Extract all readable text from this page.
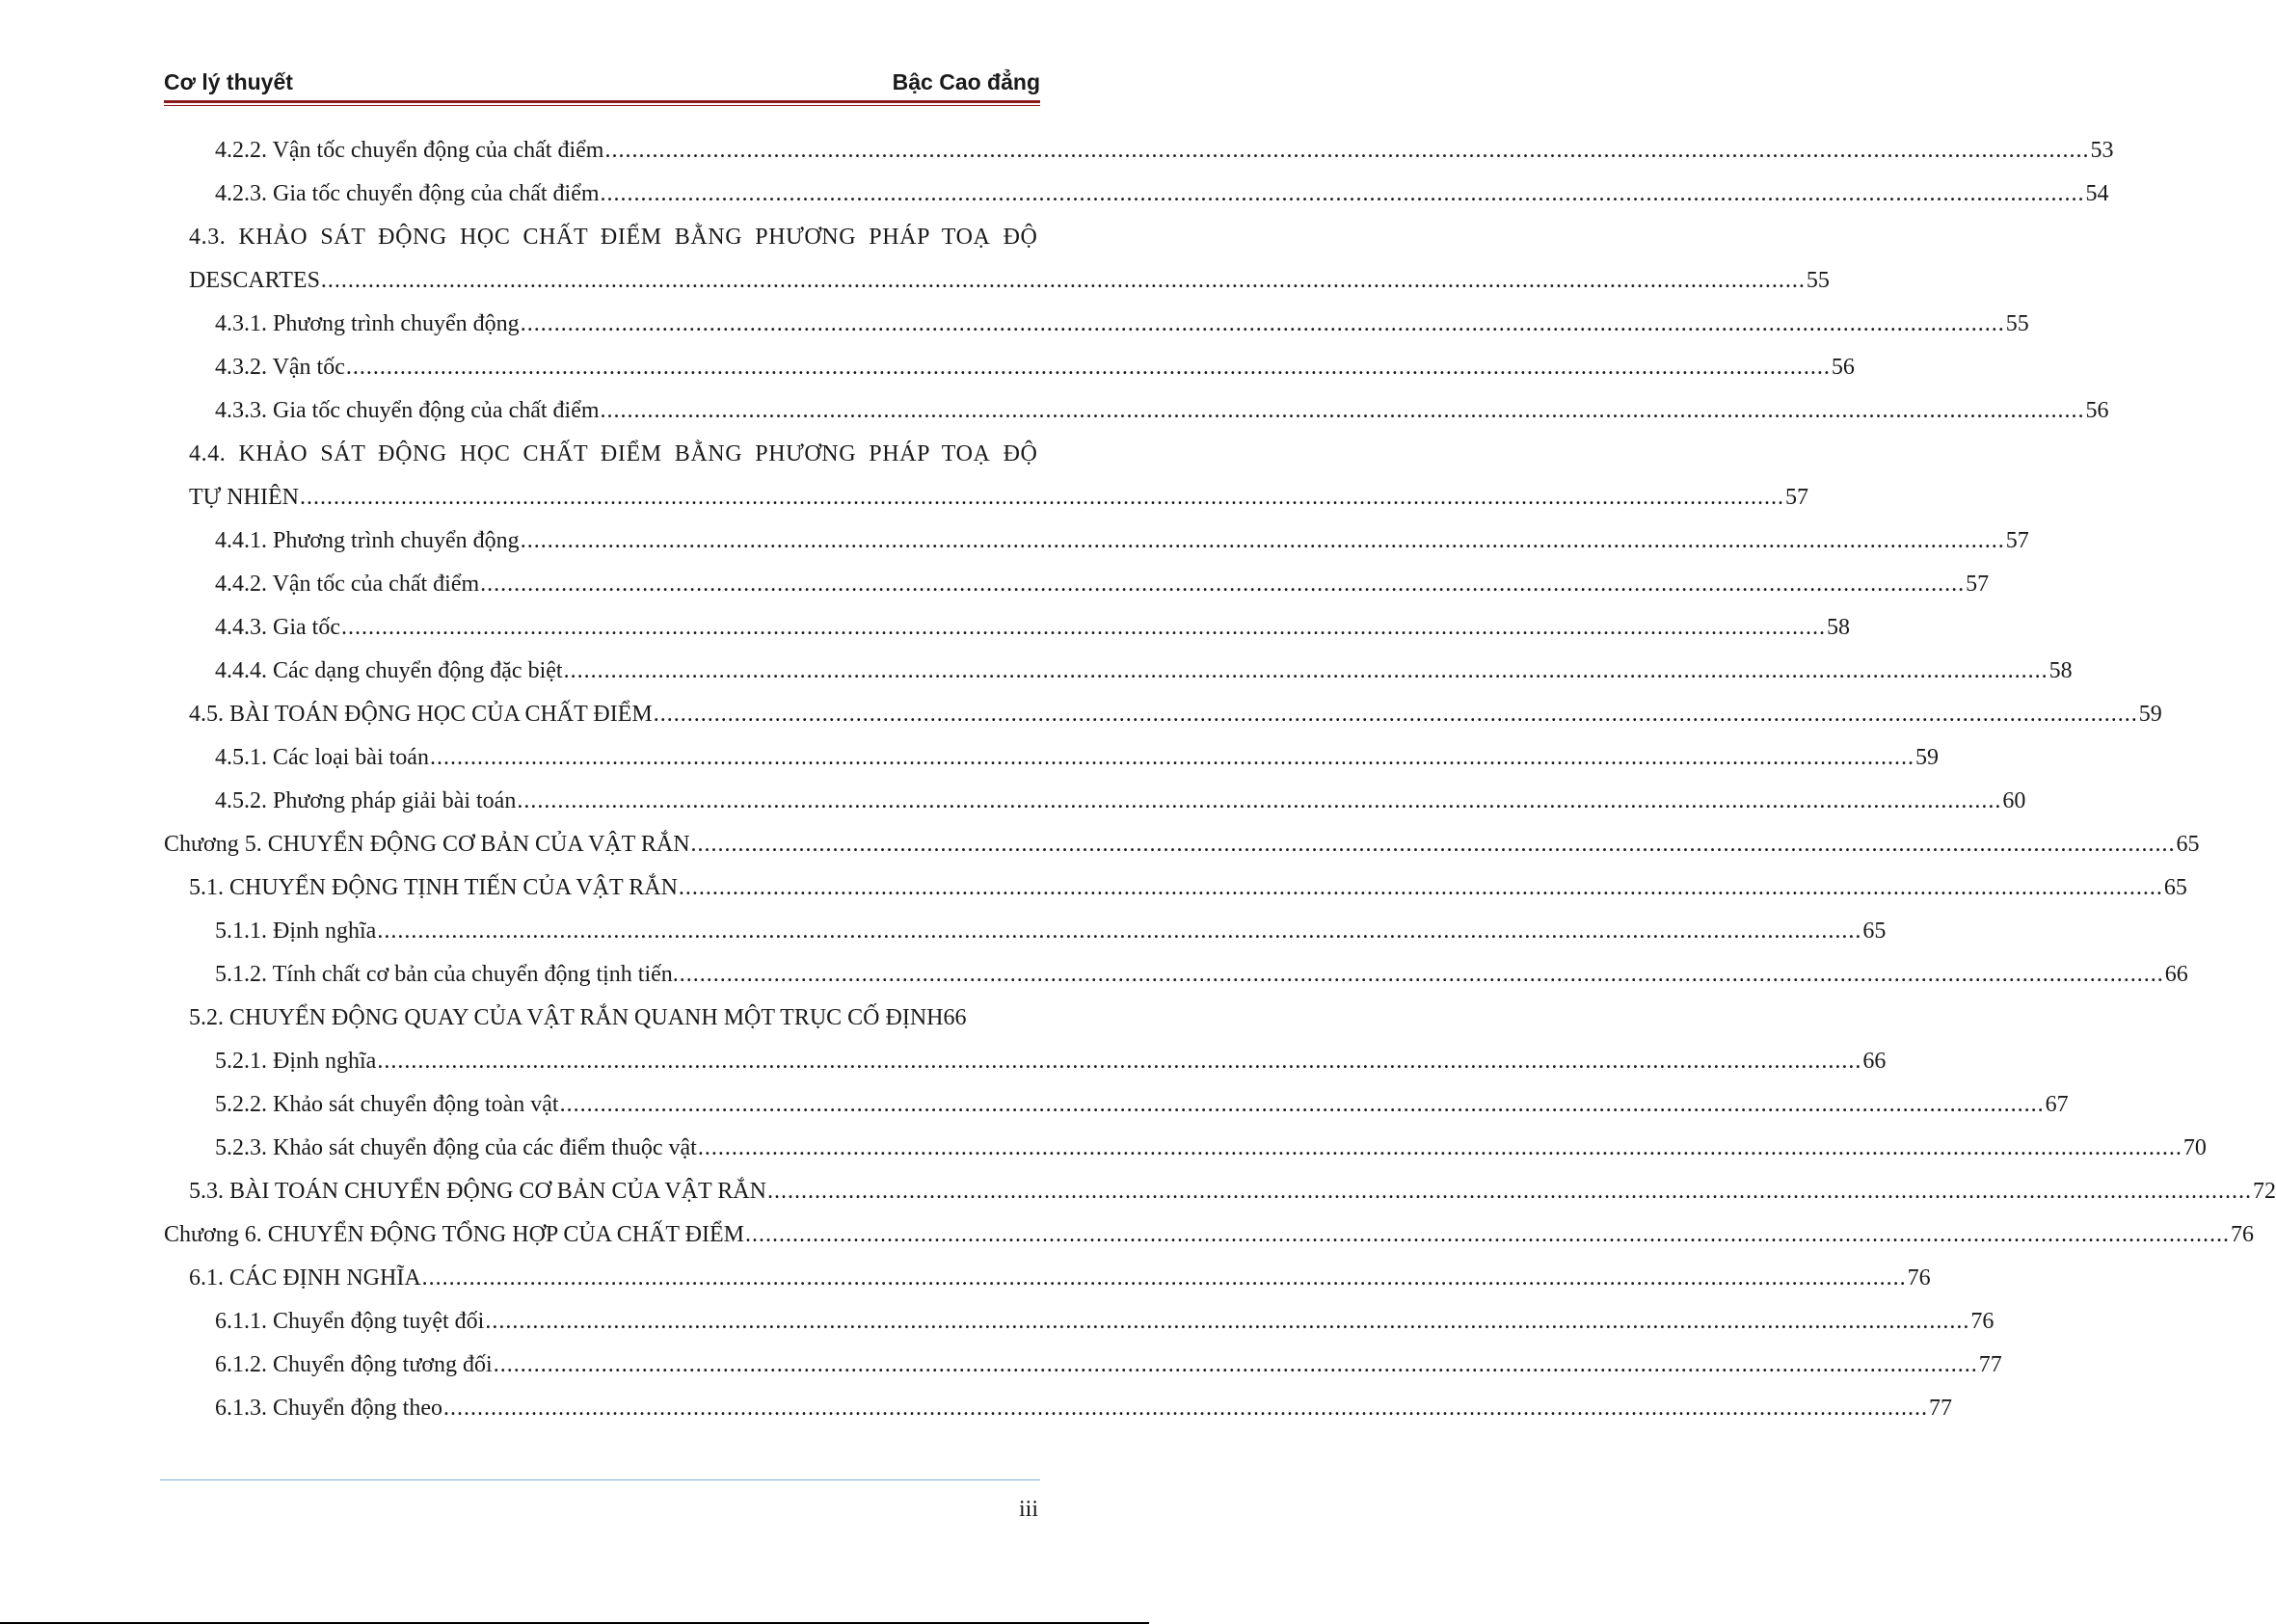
Cơ lý thuyết	Bậc Cao đẳng
4.2.2. Vận tốc chuyển động của chất điểm ............................................................................................................................................................................................................................ 53
4.2.3. Gia tốc chuyển động của chất điểm ............................................................................................................................................................................................................................ 54
4.3. KHẢO SÁT ĐỘNG HỌC CHẤT ĐIỂM BẰNG PHƯƠNG PHÁP TOẠ ĐỘ
DESCARTES ............................................................................................................................................................................................................................ 55
4.3.1. Phương trình chuyển động ............................................................................................................................................................................................................................ 55
4.3.2. Vận tốc ............................................................................................................................................................................................................................ 56
4.3.3. Gia tốc chuyển động của chất điểm ............................................................................................................................................................................................................................ 56
4.4. KHẢO SÁT ĐỘNG HỌC CHẤT ĐIỂM BẰNG PHƯƠNG PHÁP TOẠ ĐỘ
TỰ NHIÊN ............................................................................................................................................................................................................................ 57
4.4.1. Phương trình chuyển động ............................................................................................................................................................................................................................ 57
4.4.2. Vận tốc của chất điểm ............................................................................................................................................................................................................................ 57
4.4.3. Gia tốc ............................................................................................................................................................................................................................ 58
4.4.4. Các dạng chuyển động đặc biệt ............................................................................................................................................................................................................................ 58
4.5. BÀI TOÁN ĐỘNG HỌC CỦA CHẤT ĐIỂM ............................................................................................................................................................................................................................ 59
4.5.1. Các loại bài toán ............................................................................................................................................................................................................................ 59
4.5.2. Phương pháp giải bài toán ............................................................................................................................................................................................................................ 60
Chương 5. CHUYỂN ĐỘNG CƠ BẢN CỦA VẬT RẮN ............................................................................................................................................................................................................................ 65
5.1. CHUYỂN ĐỘNG TỊNH TIẾN CỦA VẬT RẮN ............................................................................................................................................................................................................................ 65
5.1.1. Định nghĩa ............................................................................................................................................................................................................................ 65
5.1.2. Tính chất cơ bản của chuyển động tịnh tiến. ............................................................................................................................................................................................................................ 66
5.2. CHUYỂN ĐỘNG QUAY CỦA VẬT RẮN QUANH MỘT TRỤC CỐ ĐỊNH 66
5.2.1. Định nghĩa ............................................................................................................................................................................................................................ 66
5.2.2. Khảo sát chuyển động toàn vật ............................................................................................................................................................................................................................ 67
5.2.3. Khảo sát chuyển động của các điểm thuộc vật ............................................................................................................................................................................................................................ 70
5.3. BÀI TOÁN CHUYỂN ĐỘNG CƠ BẢN CỦA VẬT RẮN ............................................................................................................................................................................................................................ 72
Chương 6. CHUYỂN ĐỘNG TỔNG HỢP CỦA CHẤT ĐIỂM ............................................................................................................................................................................................................................ 76
6.1. CÁC ĐỊNH NGHĨA ............................................................................................................................................................................................................................ 76
6.1.1. Chuyển động tuyệt đối ............................................................................................................................................................................................................................ 76
6.1.2. Chuyển động tương đối ............................................................................................................................................................................................................................ 77
6.1.3. Chuyển động theo ............................................................................................................................................................................................................................ 77
iii
